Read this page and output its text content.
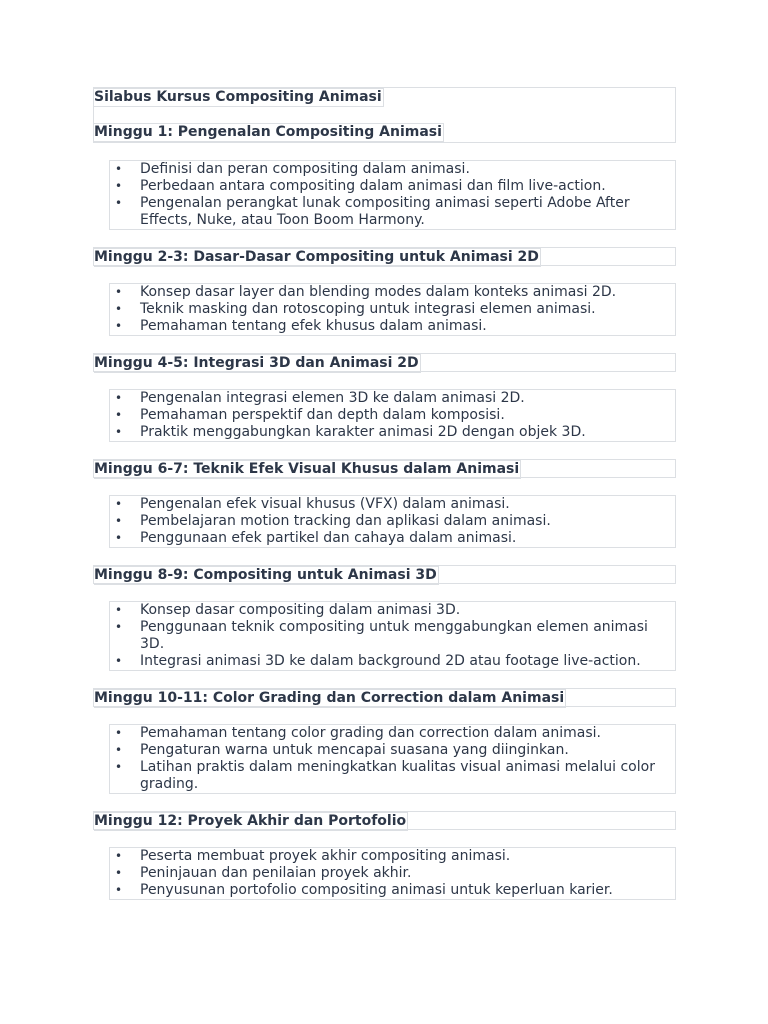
Silabus Kursus Compositing Animasi
Minggu 1: Pengenalan Compositing Animasi
• Definisi dan peran compositing dalam animasi.
• Perbedaan antara compositing dalam animasi dan film live-action.
• Pengenalan perangkat lunak compositing animasi seperti Adobe After Effects, Nuke, atau Toon Boom Harmony.
Minggu 2-3: Dasar-Dasar Compositing untuk Animasi 2D
• Konsep dasar layer dan blending modes dalam konteks animasi 2D.
• Teknik masking dan rotoscoping untuk integrasi elemen animasi.
• Pemahaman tentang efek khusus dalam animasi.
Minggu 4-5: Integrasi 3D dan Animasi 2D
• Pengenalan integrasi elemen 3D ke dalam animasi 2D.
• Pemahaman perspektif dan depth dalam komposisi.
• Praktik menggabungkan karakter animasi 2D dengan objek 3D.
Minggu 6-7: Teknik Efek Visual Khusus dalam Animasi
• Pengenalan efek visual khusus (VFX) dalam animasi.
• Pembelajaran motion tracking dan aplikasi dalam animasi.
• Penggunaan efek partikel dan cahaya dalam animasi.
Minggu 8-9: Compositing untuk Animasi 3D
• Konsep dasar compositing dalam animasi 3D.
• Penggunaan teknik compositing untuk menggabungkan elemen animasi 3D.
• Integrasi animasi 3D ke dalam background 2D atau footage live-action.
Minggu 10-11: Color Grading dan Correction dalam Animasi
• Pemahaman tentang color grading dan correction dalam animasi.
• Pengaturan warna untuk mencapai suasana yang diinginkan.
• Latihan praktis dalam meningkatkan kualitas visual animasi melalui color grading.
Minggu 12: Proyek Akhir dan Portofolio
• Peserta membuat proyek akhir compositing animasi.
• Peninjauan dan penilaian proyek akhir.
• Penyusunan portofolio compositing animasi untuk keperluan karier.
